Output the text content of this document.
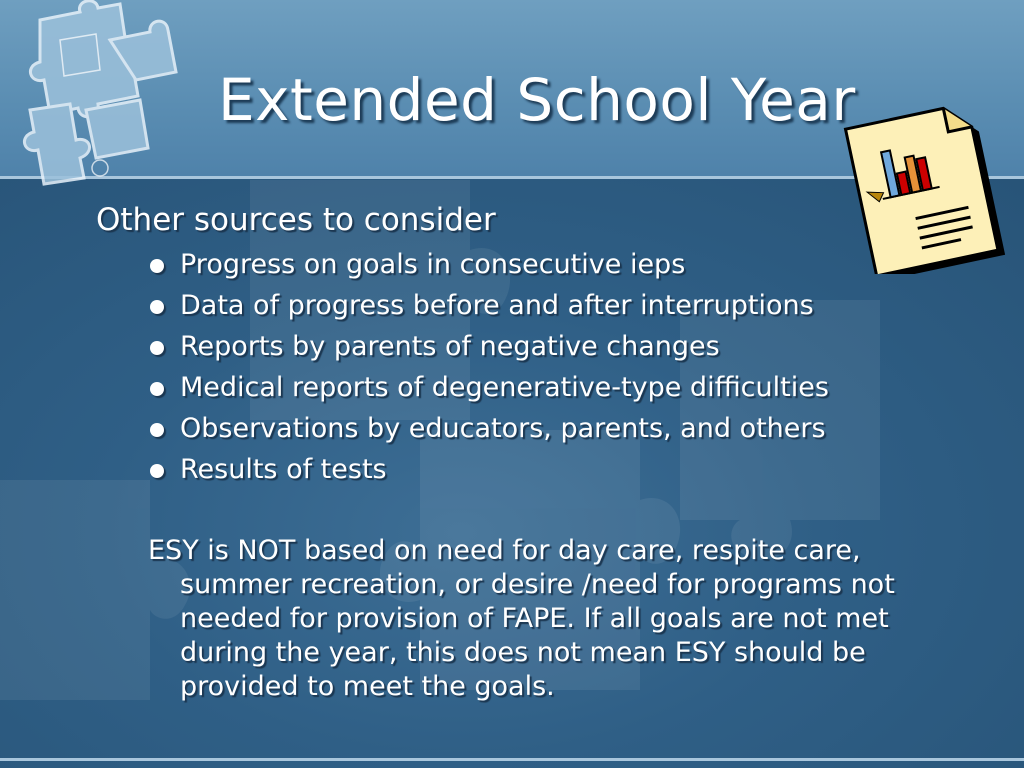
Extended School Year
Other sources to consider
Progress on goals in consecutive ieps
Data of progress before and after interruptions
Reports by parents of negative changes
Medical reports of degenerative-type difficulties
Observations by educators, parents, and others
Results of tests
ESY is NOT based on need for day care, respite care, summer recreation, or desire /need for programs not needed for provision of FAPE. If all goals are not met during the year, this does not mean ESY should be provided to meet the goals.
